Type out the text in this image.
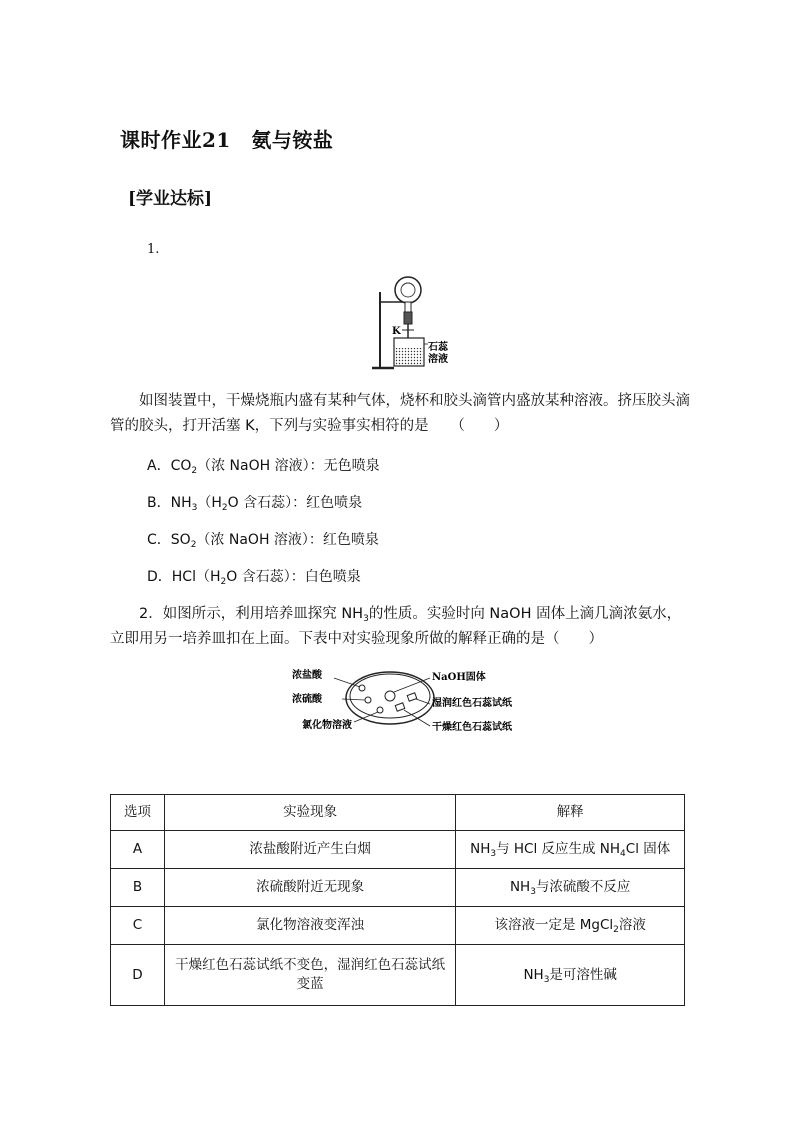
课时作业21　氨与铵盐
[学业达标]
1.
K
石蕊
溶液
如图装置中，干燥烧瓶内盛有某种气体，烧杯和胶头滴管内盛放某种溶液。挤压胶头滴管的胶头，打开活塞 K，下列与实验事实相符的是　　（　　）
A．$CO_2$（浓 NaOH 溶液）：无色喷泉
B．$NH_3(H_2O$ 含石蕊）：红色喷泉
C．$SO_2$（浓 NaOH 溶液）：红色喷泉
D．$HCl(H_2O$ 含石蕊）：白色喷泉
2．如图所示，利用培养皿探究 $NH_3$的性质。实验时向 NaOH 固体上滴几滴浓氨水，立即用另一培养皿扣在上面。下表中对实验现象所做的解释正确的是（　　）
浓盐酸
浓硫酸
氯化物溶液
NaOH固体
湿润红色石蕊试纸
干燥红色石蕊试纸
选项	实验现象	解释
A	浓盐酸附近产生白烟	$NH_3$与 HCl 反应生成 $NH_4Cl$ 固体
B	浓硫酸附近无现象	$NH_3$与浓硫酸不反应
C	氯化物溶液变浑浊	该溶液一定是 MgCl$_2$溶液
D	干燥红色石蕊试纸不变色，湿润红色石蕊试纸变蓝	$NH_3$是可溶性碱
